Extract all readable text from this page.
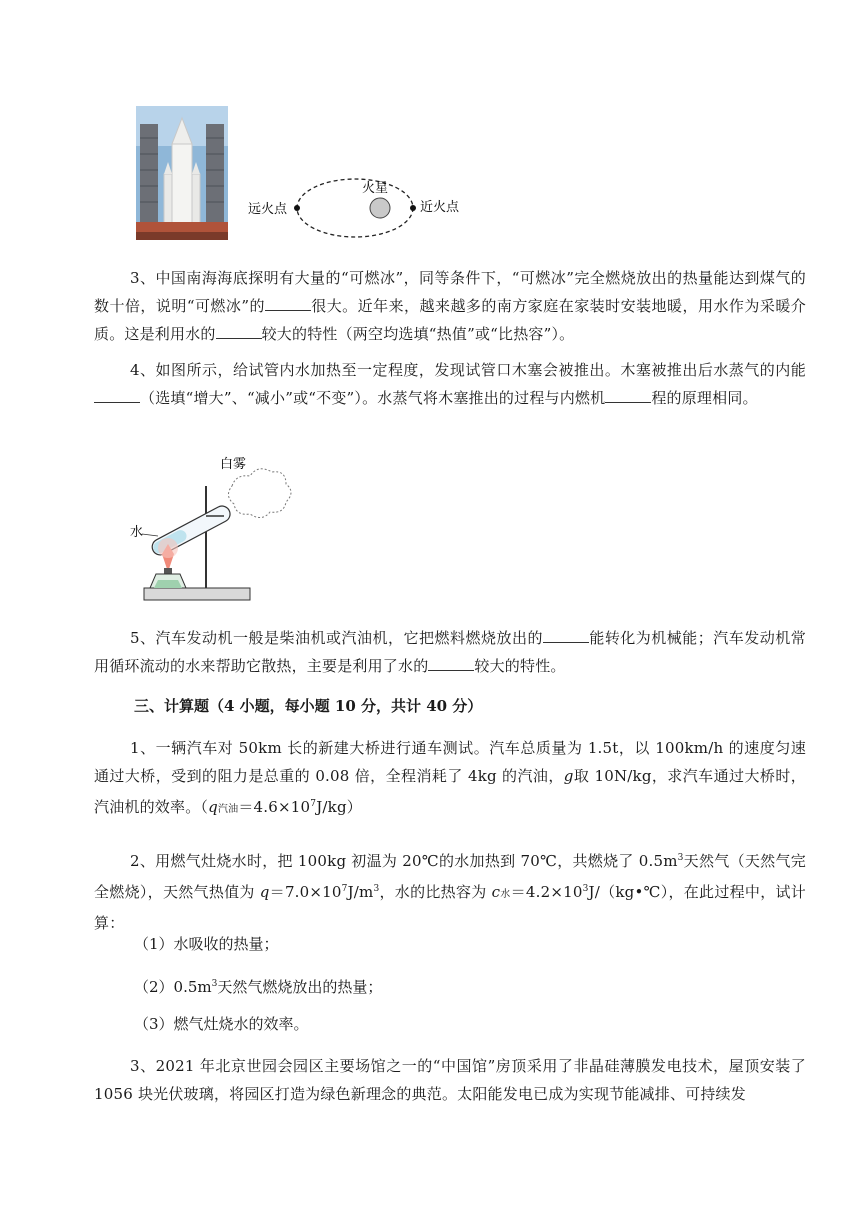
远火点
火星
近火点

3、中国南海海底探明有大量的“可燃冰”，同等条件下，“可燃冰”完全燃烧放出的热量能达到煤气的数十倍，说明“可燃冰”的	很大。近年来，越来越多的南方家庭在家装时安装地暖，用水作为采暖介质。这是利用水的	较大的特性（两空均选填“热值”或“比热容”）。

4、如图所示，给试管内水加热至一定程度，发现试管口木塞会被推出。木塞被推出后水蒸气的内能（选填“增大”、“减小”或“不变”）。水蒸气将木塞推出的过程与内燃机	程的原理相同。

白雾
水

5、汽车发动机一般是柴油机或汽油机，它把燃料燃烧放出的	能转化为机械能；汽车发动机常用循环流动的水来帮助它散热，主要是利用了水的	较大的特性。

三、计算题（4 小题，每小题 10 分，共计 40 分）

1、一辆汽车对 50km 长的新建大桥进行通车测试。汽车总质量为 1.5t，以 100km/h 的速度匀速通过大桥，受到的阻力是总重的 0.08 倍，全程消耗了 4kg 的汽油，g取 10N/kg，求汽车通过大桥时，汽油机的效率。（q汽油$=4.6\times 10^7J/kg$）

2、用燃气灶烧水时，把 100kg 初温为 20℃的水加热到 70℃，共燃烧了 $0.5m^3$天然气（天然气完全燃烧），天然气热值为 $q=7.0\times 10^7J/m^3$，水的比热容为 c水$=4.2\times 10^3J/(kg•℃)$，在此过程中，试计算：

（1）水吸收的热量；

$(2)0.5m^3$天然气燃烧放出的热量；

（3）燃气灶烧水的效率。

3、2021 年北京世园会园区主要场馆之一的“中国馆”房顶采用了非晶硅薄膜发电技术，屋顶安装了 1056 块光伏玻璃，将园区打造为绿色新理念的典范。太阳能发电已成为实现节能减排、可持续发
